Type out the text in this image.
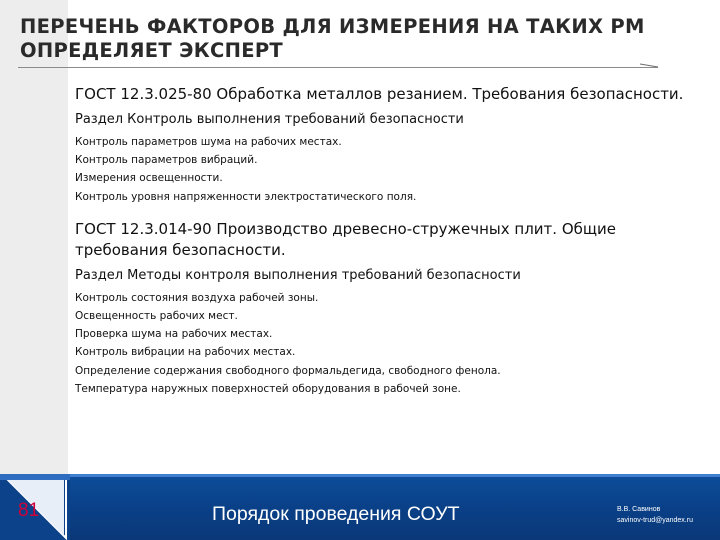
ПЕРЕЧЕНЬ ФАКТОРОВ ДЛЯ ИЗМЕРЕНИЯ НА ТАКИХ РМ ОПРЕДЕЛЯЕТ ЭКСПЕРТ
ГОСТ 12.3.025-80 Обработка металлов резанием. Требования безопасности.
Раздел Контроль выполнения требований безопасности
Контроль параметров шума на рабочих местах.
Контроль параметров вибраций.
Измерения освещенности.
Контроль уровня напряженности электростатического поля.
ГОСТ 12.3.014-90 Производство древесно-стружечных плит. Общие требования безопасности.
Раздел Методы контроля выполнения требований безопасности
Контроль состояния воздуха рабочей зоны.
Освещенность рабочих мест.
Проверка шума на рабочих местах.
Контроль вибрации на рабочих местах.
Определение содержания свободного формальдегида, свободного фенола.
Температура наружных поверхностей оборудования в рабочей зоне.
81	Порядок проведения СОУТ	В.В. Савинов
savinov-trud@yandex.ru
